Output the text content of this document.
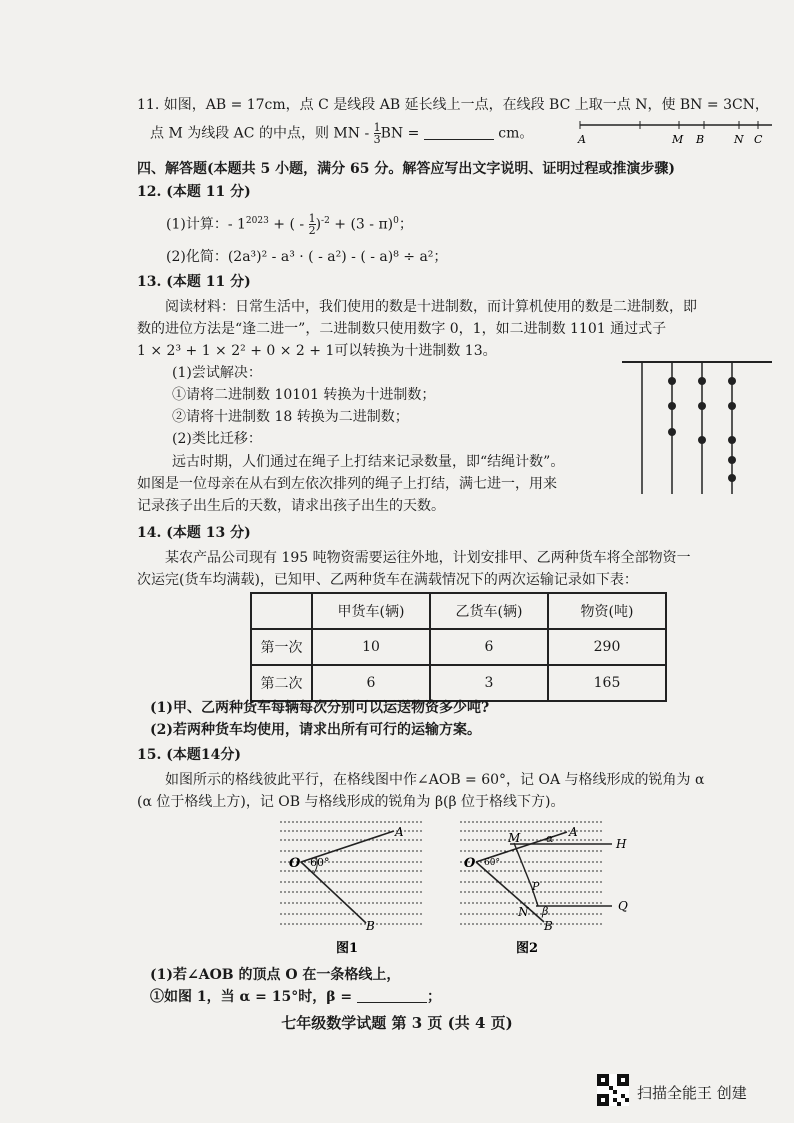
11. 如图，AB = 17cm，点 C 是线段 AB 延长线上一点，在线段 BC 上取一点 N，使 BN = 3CN，
点 M 为线段 AC 的中点，则 MN - $\frac{1}{3}$ BN =	cm。	A	M B	N C
四、解答题(本题共 5 小题，满分 65 分。解答应写出文字说明、证明过程或推演步骤)
12. (本题 11 分)
(1)计算：- $1^{2023}$ + ( - $\frac{1}{2} )^{-2} + (3 - \pi)^0$；
(2)化简：(2a³)² - a³ · ( - a²) - ( - a)⁸ ÷ a²；
13. (本题 11 分)
阅读材料：日常生活中，我们使用的数是十进制数，而计算机使用的数是二进制数，即
数的进位方法是“逢二进一”，二进制数只使用数字 0，1，如二进制数 1101 通过式子
1 × 2³ + 1 × 2² + 0 × 2 + 1可以转换为十进制数 13。
(1)尝试解决：
①请将二进制数 10101 转换为十进制数；
②请将十进制数 18 转换为二进制数；
(2)类比迁移：
远古时期，人们通过在绳子上打结来记录数量，即“结绳计数”。
如图是一位母亲在从右到左依次排列的绳子上打结，满七进一，用来
记录孩子出生后的天数，请求出孩子出生的天数。
14. (本题 13 分)
某农产品公司现有 195 吨物资需要运往外地，计划安排甲、乙两种货车将全部物资一
次运完(货车均满载)，已知甲、乙两种货车在满载情况下的两次运输记录如下表：
	甲货车(辆)	乙货车(辆)	物资(吨)
第一次	10	6	290
第二次	6	3	165
(1)甲、乙两种货车每辆每次分别可以运送物资多少吨?
(2)若两种货车均使用，请求出所有可行的运输方案。
15. (本题14分)
如图所示的格线彼此平行，在格线图中作∠AOB = 60°，记 OA 与格线形成的锐角为 α
(α 位于格线上方)，记 OB 与格线形成的锐角为 β(β 位于格线下方)。
O
A
B
60°
图1
O
M	A
α	H
P
N β	Q
B
60°
图2
(1)若∠AOB 的顶点 O 在一条格线上，
①如图 1，当 α = 15°时，β =	；
七年级数学试题 第 3 页 (共 4 页)
扫描全能王 创建
